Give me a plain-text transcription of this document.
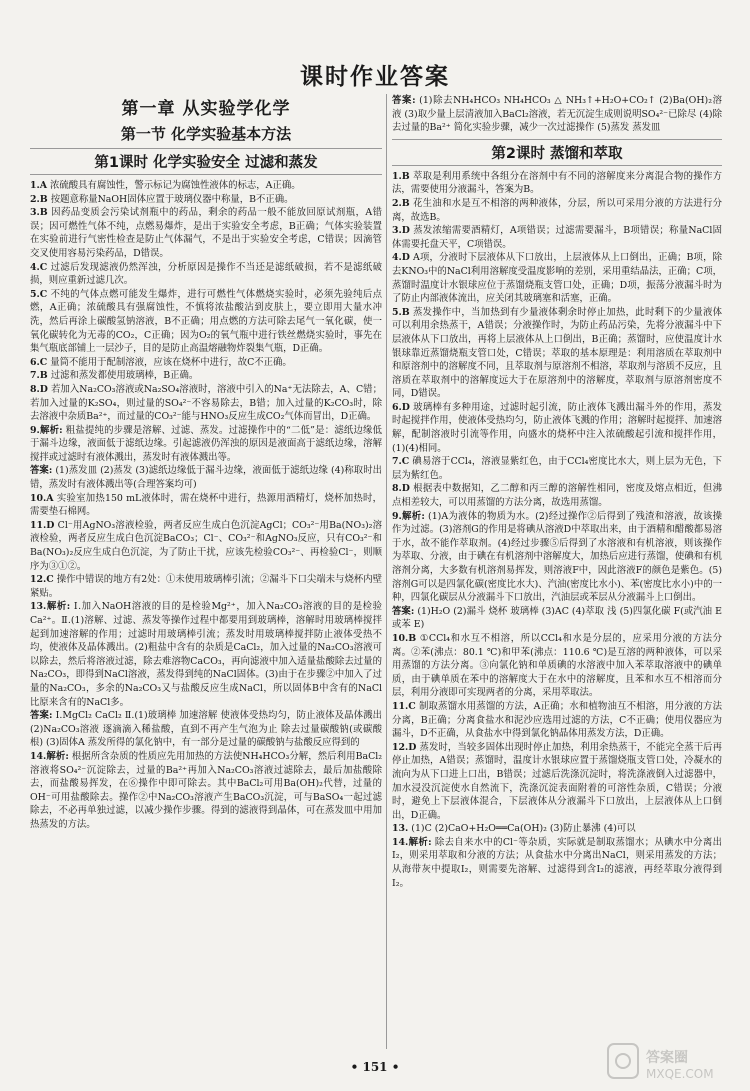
课时作业答案
第一章 从实验学化学
第一节 化学实验基本方法
第1课时 化学实验安全 过滤和蒸发

1.A 浓硫酸具有腐蚀性，警示标记为腐蚀性液体的标志，A正确。

2.B 按题意称量NaOH固体应置于玻璃仪器中称量，B不正确。

3.B 因药品变质会污染试剂瓶中的药品，剩余的药品一般不能放回原试剂瓶，A错误；因可燃性气体不纯，点燃易爆炸，是出于实验安全考虑，B正确；气体实验装置在实验前进行气密性检查是防止气体漏气，不是出于实验安全考虑，C错误；因滴管交叉使用容易污染药品，D错误。

4.C 过滤后发现滤液仍然浑浊，分析原因是操作不当还是滤纸破损，若不是滤纸破损，则应重新过滤几次。

5.C 不纯的气体点燃可能发生爆炸，进行可燃性气体燃烧实验时，必须先验纯后点燃，A正确；浓硫酸具有强腐蚀性，不慎将浓盐酸沾到皮肤上，要立即用大量水冲洗，然后再涂上碳酸氢钠溶液，B不正确；用点燃的方法可除去尾气一氧化碳，使一氧化碳转化为无毒的CO₂，C正确；因为O₂的氧气瓶中进行铁丝燃烧实验时，事先在集气瓶底部铺上一层沙子，目的是防止高温熔融物炸裂集气瓶，D正确。

6.C 量筒不能用于配制溶液，应该在烧杯中进行，故C不正确。

7.B 过滤和蒸发都使用玻璃棒，B正确。

8.D 若加入Na₂CO₃溶液或Na₂SO₄溶液时，溶液中引入的Na⁺无法除去，A、C错；若加入过量的K₂SO₄，则过量的SO₄²⁻不容易除去，B错；加入过量的K₂CO₃时，除去溶液中杂质Ba²⁺，而过量的CO₃²⁻能与HNO₃反应生成CO₂气体而冒出，D正确。

9.解析: 粗盐提纯的步骤是溶解、过滤、蒸发。过滤操作中的“二低”是：滤纸边缘低于漏斗边缘，液面低于滤纸边缘。引起滤液仍浑浊的原因是液面高于滤纸边缘，溶解搅拌或过滤时有液体溅出，蒸发时有液体溅出等。

答案: (1)蒸发皿 (2)蒸发 (3)滤纸边缘低于漏斗边缘，液面低于滤纸边缘 (4)称取时出错，蒸发时有液体溅出等(合理答案均可)

10.A 实验室加热150 mL液体时，需在烧杯中进行，热源用酒精灯，烧杯加热时，需要垫石棉网。

11.D Cl⁻用AgNO₃溶液检验，两者反应生成白色沉淀AgCl；CO₃²⁻用Ba(NO₃)₂溶液检验，两者反应生成白色沉淀BaCO₃；Cl⁻、CO₃²⁻和AgNO₃反应，只有CO₃²⁻和Ba(NO₃)₂反应生成白色沉淀，为了防止干扰，应该先检验CO₃²⁻、再检验Cl⁻，则顺序为③①②。

12.C 操作中错误的地方有2处：①未使用玻璃棒引流；②漏斗下口尖端未与烧杯内壁紧贴。

13.解析: Ⅰ.加入NaOH溶液的目的是检验Mg²⁺，加入Na₂CO₃溶液的目的是检验Ca²⁺。Ⅱ.(1)溶解、过滤、蒸发等操作过程中都要用到玻璃棒，溶解时用玻璃棒搅拌起到加速溶解的作用；过滤时用玻璃棒引流；蒸发时用玻璃棒搅拌防止液体受热不均，使液体及晶体溅出。(2)粗盐中含有的杂质是CaCl₂，加入过量的Na₂CO₃溶液可以除去，然后将溶液过滤，除去难溶物CaCO₃，再向滤液中加入适量盐酸除去过量的Na₂CO₃，即得到NaCl溶液，蒸发得到纯的NaCl固体。(3)由于在步骤②中加入了过量的Na₂CO₃，多余的Na₂CO₃又与盐酸反应生成NaCl，所以固体B中含有的NaCl比原来含有的NaCl多。

答案: Ⅰ.MgCl₂ CaCl₂ Ⅱ.(1)玻璃棒 加速溶解 使液体受热均匀，防止液体及晶体溅出 (2)Na₂CO₃溶液 逐滴滴入稀盐酸，直到不再产生气泡为止 除去过量碳酸钠(或碳酸根) (3)固体A 蒸发所得的氯化钠中，有一部分是过量的碳酸钠与盐酸反应得到的

14.解析: 根据所含杂质的性质应先用加热的方法使NH₄HCO₃分解，然后利用BaCl₂溶液将SO₄²⁻沉淀除去，过量的Ba²⁺再加入Na₂CO₃溶液过滤除去，最后加盐酸除去，而盐酸易挥发，在⑥操作中即可除去。其中BaCl₂可用Ba(OH)₂代替，过量的OH⁻可用盐酸除去。操作②中Na₂CO₃溶液产生BaCO₃沉淀，可与BaSO₄一起过滤除去，不必再单独过滤，以减少操作步骤。得到的滤液得到晶体，可在蒸发皿中用加热蒸发的方法。

答案: (1)除去NH₄HCO₃ NH₄HCO₃ △ NH₃↑+H₂O+CO₂↑ (2)Ba(OH)₂溶液 (3)取少量上层清液加入BaCl₂溶液，若无沉淀生成则说明SO₄²⁻已除尽 (4)除去过量的Ba²⁺ 简化实验步骤，减少一次过滤操作 (5)蒸发 蒸发皿

第2课时 蒸馏和萃取

1.B 萃取是利用系统中各组分在溶剂中有不同的溶解度来分离混合物的操作方法，需要使用分液漏斗，答案为B。

2.B 花生油和水是互不相溶的两种液体，分层，所以可采用分液的方法进行分离，故选B。

3.D 蒸发浓缩需要酒精灯，A项错误；过滤需要漏斗，B项错误；称量NaCl固体需要托盘天平，C项错误。

4.D A项，分液时下层液体从下口放出，上层液体从上口倒出，正确；B项，除去KNO₃中的NaCl利用溶解度受温度影响的差别，采用重结晶法，正确；C项，蒸馏时温度计水银球应位于蒸馏烧瓶支管口处，正确；D项，振荡分液漏斗时为了防止内部液体流出，应关闭其玻璃塞和活塞，正确。

5.B 蒸发操作中，当加热到有少量液体剩余时停止加热，此时剩下的少量液体可以利用余热蒸干，A错误；分液操作时，为防止药品污染，先将分液漏斗中下层液体从下口放出，再将上层液体从上口倒出，B正确；蒸馏时，应使温度计水银球靠近蒸馏烧瓶支管口处，C错误；萃取的基本原理是：利用溶质在萃取剂中和原溶剂中的溶解度不同，且萃取剂与原溶剂不相溶，萃取剂与溶质不反应，且溶质在萃取剂中的溶解度远大于在原溶剂中的溶解度，萃取剂与原溶剂密度不同，D错误。

6.D 玻璃棒有多种用途，过滤时起引流，防止液体飞溅出漏斗外的作用，蒸发时起搅拌作用，使液体受热均匀，防止液体飞溅的作用；溶解时起搅拌、加速溶解，配制溶液时引流等作用，向盛水的烧杯中注入浓硫酸起引流和搅拌作用，(1)(4)相同。

7.C 碘易溶于CCl₄，溶液显紫红色，由于CCl₄密度比水大，则上层为无色，下层为紫红色。

8.D 根据表中数据知，乙二醇和丙三醇的溶解性相同，密度及熔点相近，但沸点相差较大，可以用蒸馏的方法分离，故选用蒸馏。

9.解析: (1)A为液体的物质为水。(2)经过操作②后得到了残渣和溶液，故该操作为过滤。(3)溶剂G的作用是将碘从溶液D中萃取出来，由于酒精和醋酸都易溶于水，故不能作萃取剂。(4)经过步骤⑤后得到了水溶液和有机溶液，则该操作为萃取、分液，由于碘在有机溶剂中溶解度大，加热后应进行蒸馏，使碘和有机溶剂分离，大多数有机溶剂易挥发，则溶液F中，因此溶液F的颜色是紫色。(5)溶剂G可以是四氯化碳(密度比水大)、汽油(密度比水小)、苯(密度比水小)中的一种，四氯化碳层从分液漏斗下口放出，汽油层或苯层从分液漏斗上口倒出。

答案: (1)H₂O (2)漏斗 烧杯 玻璃棒 (3)AC (4)萃取 浅 (5)四氯化碳 F(或汽油 E或苯 E)

10.B ①CCl₄和水互不相溶，所以CCl₄和水是分层的，应采用分液的方法分离。②苯(沸点：80.1 ℃)和甲苯(沸点：110.6 ℃)是互溶的两种液体，可以采用蒸馏的方法分离。③向氯化钠和单质碘的水溶液中加入苯萃取溶液中的碘单质，由于碘单质在苯中的溶解度大于在水中的溶解度，且苯和水互不相溶而分层，利用分液即可实现两者的分离，采用萃取法。

11.C 制取蒸馏水用蒸馏的方法，A正确；水和植物油互不相溶，用分液的方法分离，B正确；分离食盐水和泥沙应选用过滤的方法，C不正确；使用仪器应为漏斗，D不正确，从食盐水中得到氯化钠晶体用蒸发方法，D正确。

12.D 蒸发时，当较多固体出现时停止加热，利用余热蒸干，不能完全蒸干后再停止加热，A错误；蒸馏时，温度计水银球应置于蒸馏烧瓶支管口处，冷凝水的流向为从下口进上口出，B错误；过滤后洗涤沉淀时，将洗涤液倒入过滤器中，加水浸没沉淀使水自然流下，洗涤沉淀表面附着的可溶性杂质，C错误；分液时，避免上下层液体混合，下层液体从分液漏斗下口放出，上层液体从上口倒出，D正确。

13. (1)C (2)CaO+H₂O══Ca(OH)₂ (3)防止暴沸 (4)可以

14.解析: 除去自来水中的Cl⁻等杂质，实际就是制取蒸馏水；从碘水中分离出I₂，则采用萃取和分液的方法；从食盐水中分离出NaCl，则采用蒸发的方法；从海带灰中提取I₂，则需要先溶解、过滤得到含I₂的滤液，再经萃取分液得到I₂。

• 151 •
答案圈
MXQE.COM
